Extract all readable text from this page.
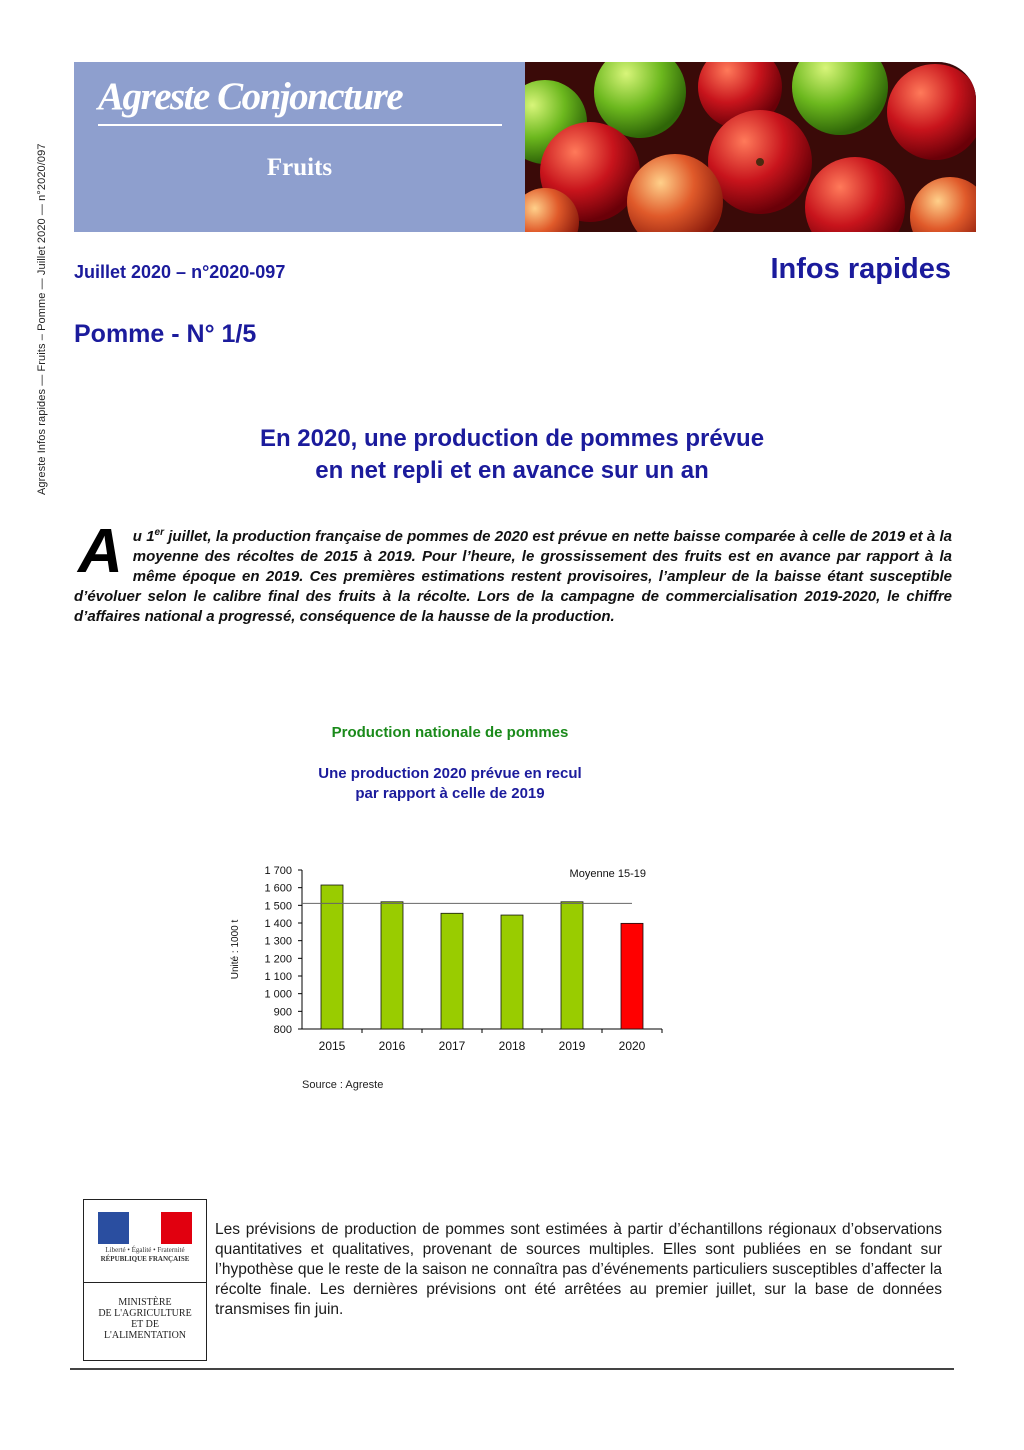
Agreste Infos rapides — Fruits – Pomme — Juillet 2020 — n°2020/097
Agreste Conjoncture
Fruits
Juillet 2020 – n°2020-097	Infos rapides
Pomme - N° 1/5
En 2020, une production de pommes prévue
en net repli et en avance sur un an
Au 1er juillet, la production française de pommes de 2020 est prévue en nette baisse comparée à celle de 2019 et à la moyenne des récoltes de 2015 à 2019. Pour l’heure, le grossissement des fruits est en avance par rapport à la même époque en 2019. Ces premières estimations restent provisoires, l’ampleur de la baisse étant susceptible d’évoluer selon le calibre final des fruits à la récolte. Lors de la campagne de commercialisation 2019-2020, le chiffre d’affaires national a progressé, conséquence de la hausse de la production.
Production nationale de pommes
Une production 2020 prévue en recul
par rapport à celle de 2019
800
900
1 000
1 100
1 200
1 300
1 400
1 500
1 600
1 700
Unité : 1000 t
2015	2016	2017	2018	2019	2020
Moyenne 15-19
Source : Agreste
Liberté • Égalité • Fraternité
RÉPUBLIQUE FRANÇAISE
MINISTÈRE
DE L'AGRICULTURE
ET DE
L'ALIMENTATION
Les prévisions de production de pommes sont estimées à partir d’échantillons régionaux d’observations quantitatives et qualitatives, provenant de sources multiples. Elles sont publiées en se fondant sur l’hypothèse que le reste de la saison ne connaîtra pas d’événements particuliers susceptibles d’affecter la récolte finale. Les dernières prévisions ont été arrêtées au premier juillet, sur la base de données transmises fin juin.
